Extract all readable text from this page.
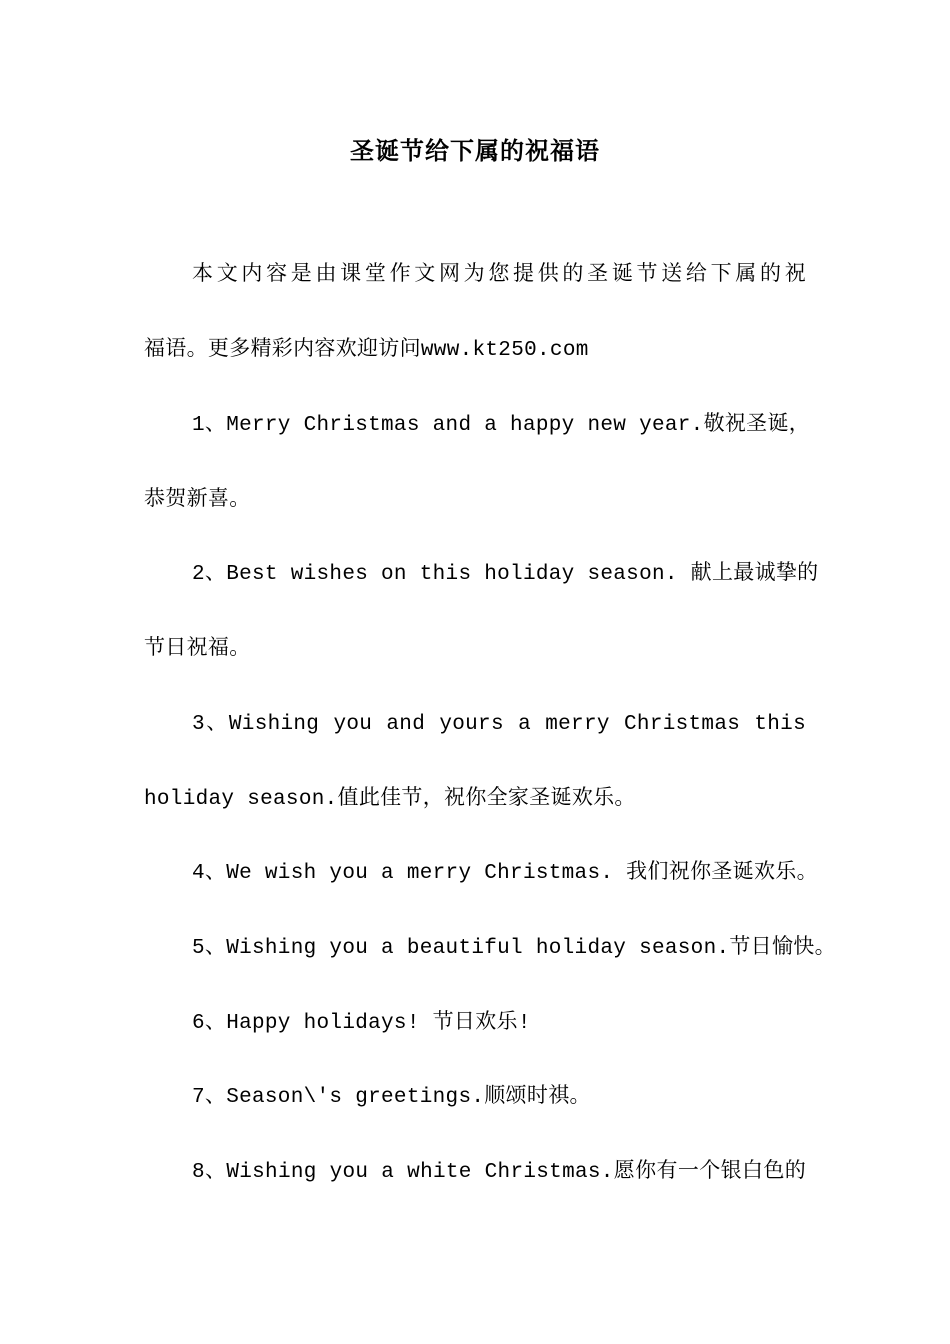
圣诞节给下属的祝福语
本文内容是由课堂作文网为您提供的圣诞节送给下属的祝
福语。更多精彩内容欢迎访问www.kt250.com
1、Merry Christmas and a happy new year.敬祝圣诞，
恭贺新喜。
2、Best wishes on this holiday season. 献上最诚挚的
节日祝福。
3、Wishing you and yours a merry Christmas this
holiday season.值此佳节，祝你全家圣诞欢乐。
4、We wish you a merry Christmas. 我们祝你圣诞欢乐。
5、Wishing you a beautiful holiday season.节日愉快。
6、Happy holidays! 节日欢乐!
7、Season\'s greetings.顺颂时祺。
8、Wishing you a white Christmas.愿你有一个银白色的
